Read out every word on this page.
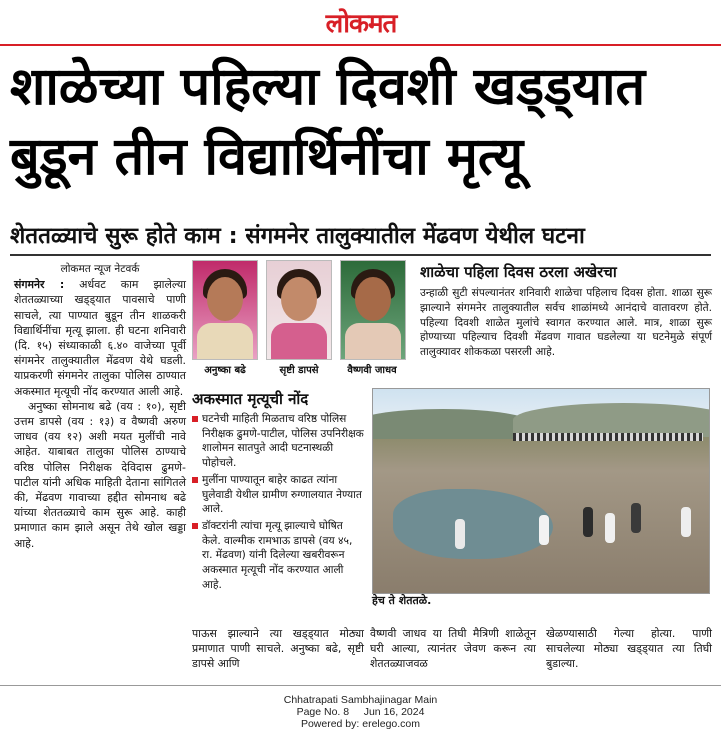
लोकमत
शाळेच्या पहिल्या दिवशी खड्ड्यात
बुडून तीन विद्यार्थिनींचा मृत्यू
शेततळ्याचे सुरू होते काम : संगमनेर तालुक्यातील मेंढवण येथील घटना
लोकमत न्यूज नेटवर्क

संगमनेर : अर्धवट काम झालेल्या शेततळ्याच्या खड्ड्यात पावसाचे पाणी साचले, त्या पाण्यात बुडून तीन शाळकरी विद्यार्थिनींचा मृत्यू झाला. ही घटना शनिवारी (दि. १५) संध्याकाळी ६.४० वाजेच्या पूर्वी संगमनेर तालुक्यातील मेंढवण येथे घडली. याप्रकरणी संगमनेर तालुका पोलिस ठाण्यात अकस्मात मृत्यूची नोंद करण्यात आली आहे.

अनुष्का सोमनाथ बढे (वय : १०), सृष्टी उत्तम डापसे (वय : १३) व वैष्णवी अरुण जाधव (वय १२) अशी मयत मुलींची नावे आहेत. याबाबत तालुका पोलिस ठाण्याचे वरिष्ठ पोलिस निरीक्षक देविदास ढुमणे-पाटील यांनी अधिक माहिती देताना सांगितले की, मेंढवण गावाच्या हद्दीत सोमनाथ बढे यांच्या शेततळ्याचे काम सुरू आहे. काही प्रमाणात काम झाले असून तेथे खोल खड्डा आहे.

अनुष्का बढे	सृष्टी डापसे	वैष्णवी जाधव
शाळेचा पहिला दिवस ठरला अखेरचा
उन्हाळी सुटी संपल्यानंतर शनिवारी शाळेचा पहिलाच दिवस होता. शाळा सुरू झाल्याने संगमनेर तालुक्यातील सर्वच शाळांमध्ये आनंदाचे वातावरण होते. पहिल्या दिवशी शाळेत मुलांचे स्वागत करण्यात आले. मात्र, शाळा सुरू होण्याच्या पहिल्याच दिवशी मेंढवण गावात घडलेल्या या घटनेमुळे संपूर्ण तालुक्यावर शोककळा पसरली आहे.
अकस्मात मृत्यूची नोंद
घटनेची माहिती मिळताच वरिष्ठ पोलिस निरीक्षक ढुमणे-पाटील, पोलिस उपनिरीक्षक शालोमन सातपुते आदी घटनास्थळी पोहोचले.
मुलींना पाण्यातून बाहेर काढत त्यांना घुलेवाडी येथील ग्रामीण रुग्णालयात नेण्यात आले.
डॉक्टरांनी त्यांचा मृत्यू झाल्याचे घोषित केले. वाल्मीक रामभाऊ डापसे (वय ४५, रा. मेंढवण) यांनी दिलेल्या खबरीवरून अकस्मात मृत्यूची नोंद करण्यात आली आहे.
हेच ते शेततळे.
पाऊस झाल्याने त्या खड्ड्यात मोठ्या प्रमाणात पाणी साचले. अनुष्का बढे, सृष्टी डापसे आणि
वैष्णवी जाधव या तिघी मैत्रिणी शाळेतून घरी आल्या, त्यानंतर जेवण करून त्या शेततळ्याजवळ
खेळण्यासाठी गेल्या होत्या. पाणी साचलेल्या मोठ्या खड्ड्यात त्या तिघी बुडाल्या.
Chhatrapati Sambhajinagar Main
Page No. 8 Jun 16, 2024
Powered by: erelego.com
